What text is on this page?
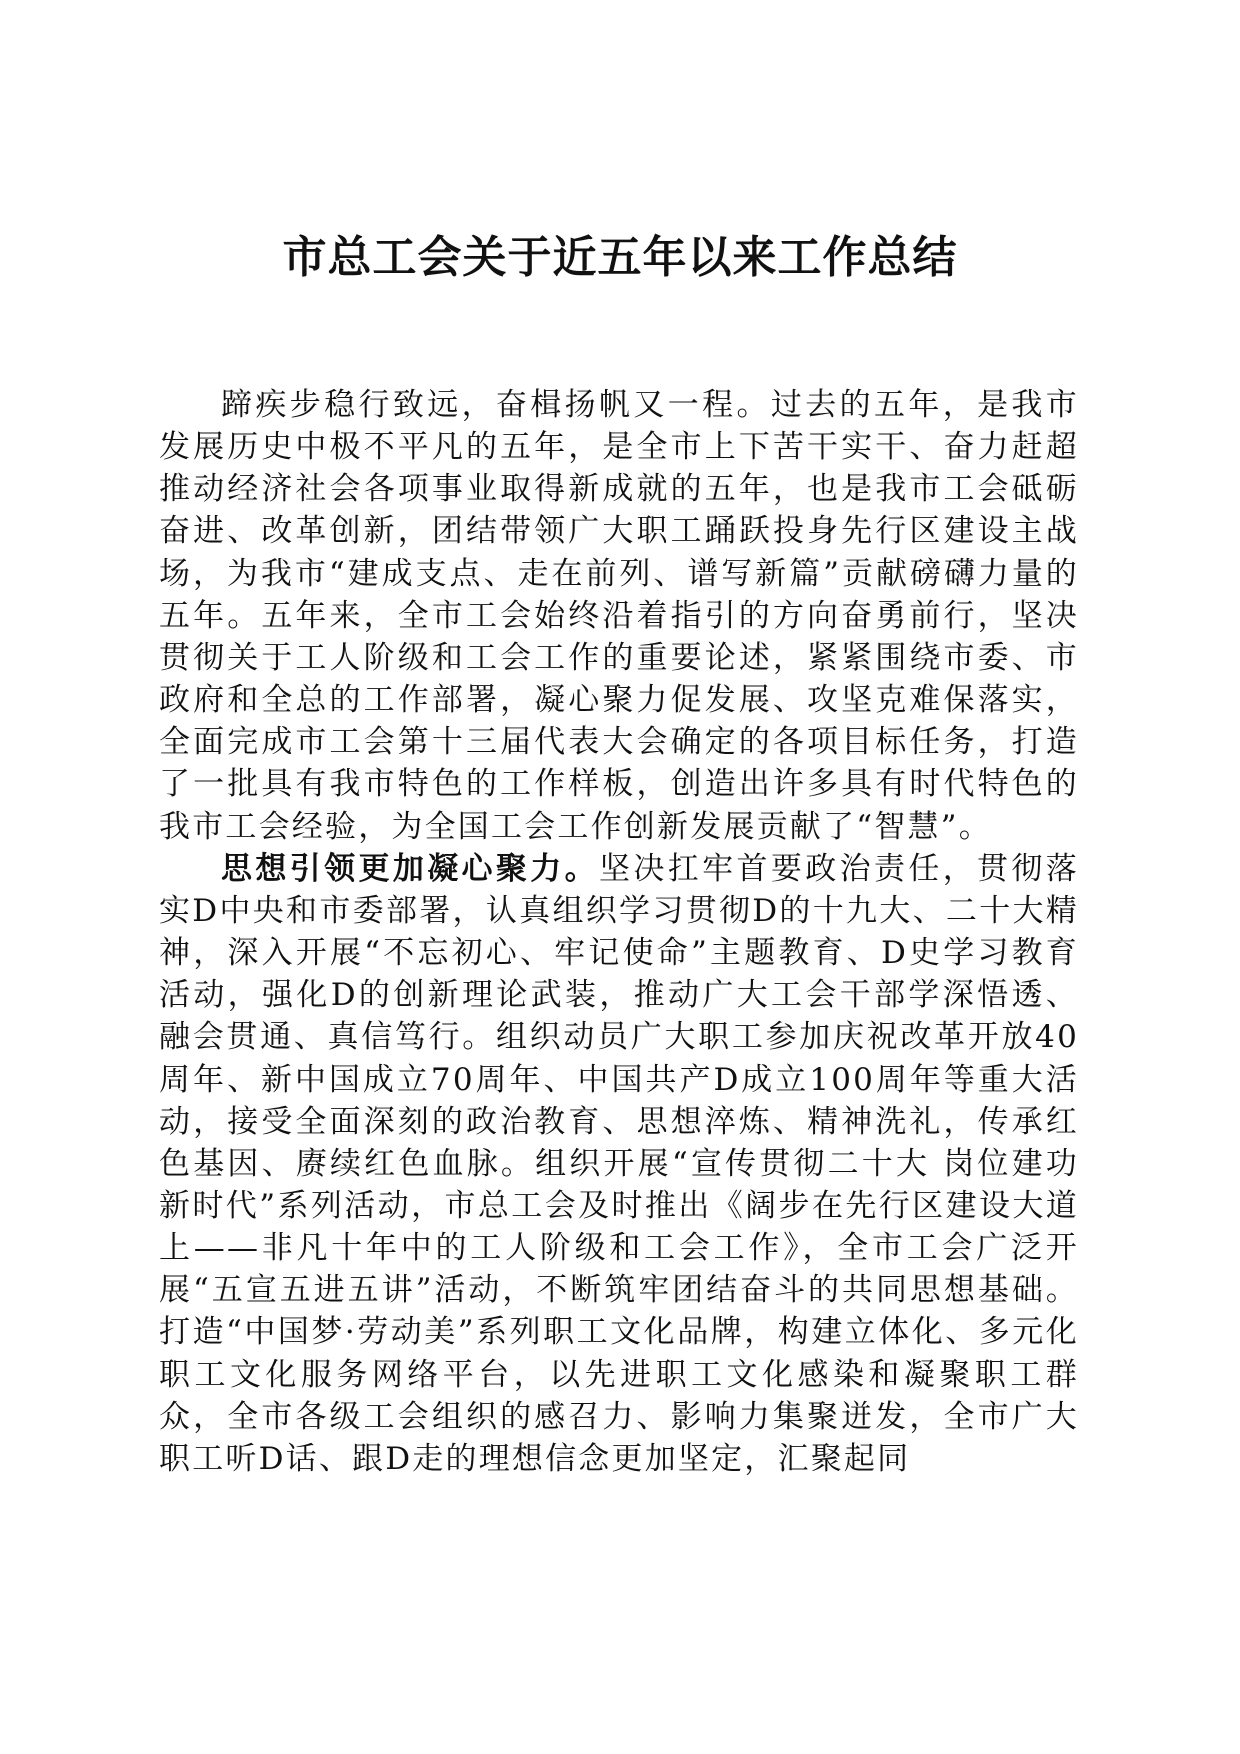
市总工会关于近五年以来工作总结

蹄疾步稳行致远，奋楫扬帆又一程。过去的五年，是我市发展历史中极不平凡的五年，是全市上下苦干实干、奋力赶超推动经济社会各项事业取得新成就的五年，也是我市工会砥砺奋进、改革创新，团结带领广大职工踊跃投身先行区建设主战场，为我市“建成支点、走在前列、谱写新篇”贡献磅礴力量的五年。五年来，全市工会始终沿着指引的方向奋勇前行，坚决贯彻关于工人阶级和工会工作的重要论述，紧紧围绕市委、市政府和全总的工作部署，凝心聚力促发展、攻坚克难保落实，全面完成市工会第十三届代表大会确定的各项目标任务，打造了一批具有我市特色的工作样板，创造出许多具有时代特色的我市工会经验，为全国工会工作创新发展贡献了“智慧”。

思想引领更加凝心聚力。坚决扛牢首要政治责任，贯彻落实D中央和市委部署，认真组织学习贯彻D的十九大、二十大精神，深入开展“不忘初心、牢记使命”主题教育、D史学习教育活动，强化D的创新理论武装，推动广大工会干部学深悟透、融会贯通、真信笃行。组织动员广大职工参加庆祝改革开放40周年、新中国成立70周年、中国共产D成立100周年等重大活动，接受全面深刻的政治教育、思想淬炼、精神洗礼，传承红色基因、赓续红色血脉。组织开展“宣传贯彻二十大 岗位建功新时代”系列活动，市总工会及时推出《阔步在先行区建设大道上——非凡十年中的工人阶级和工会工作》，全市工会广泛开展“五宣五进五讲”活动，不断筑牢团结奋斗的共同思想基础。打造“中国梦·劳动美”系列职工文化品牌，构建立体化、多元化职工文化服务网络平台，以先进职工文化感染和凝聚职工群众，全市各级工会组织的感召力、影响力集聚迸发，全市广大职工听D话、跟D走的理想信念更加坚定，汇聚起同
